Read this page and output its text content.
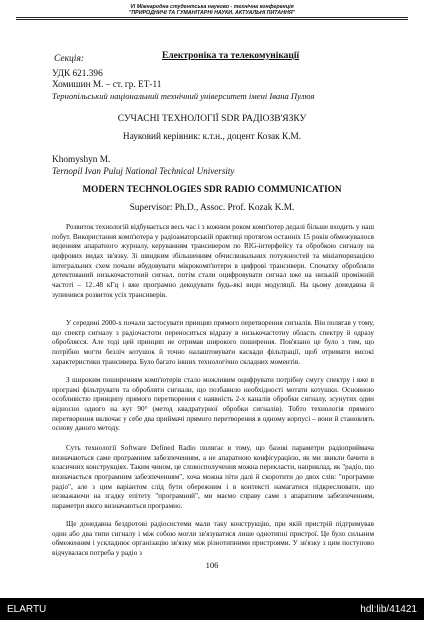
VI Міжнародна студентська науково - технічна конференція
"ПРИРОДНИЧІ ТА ГУМАНІТАРНІ НАУКИ. АКТУАЛЬНІ ПИТАННЯ"
Секція:	Електроніка та телекомунікації
УДК 621.396
Хомишин М. – ст. гр. ЕТ-11
Тернопільський національний технічний університет імені Івана Пулюя
СУЧАСНІ ТЕХНОЛОГІЇ SDR РАДІОЗВ'ЯЗКУ
Науковий керівник: к.т.н., доцент Козак К.М.
Khomyshyn M.
Ternopil Ivan Puluj National Technical University
MODERN TECHNOLOGIES SDR RADIO COMMUNICATION
Supervisor: Ph.D., Assoc. Prof. Kozak K.M.

Розвиток технологій відбувається весь час і з кожним роком комп'ютер дедалі більше входить у наш побут. Використання комп'ютера у радіоаматорській практиці протягом останніх 15 років обмежувалося веденням апаратного журналу, керуванням трансивером по RIG-інтерфейсу та обробкою сигналу на цифрових видах зв'язку. Зі швидким збільшенням обчислювальних потужностей та мініатюризацією інтегральних схем почали вбудовувати мікрокомп'ютери в цифрові трансивери. Спочатку обробляли детектований низькочастотний сигнал, потім стали оцифровувати сигнал вже на низькій проміжній частоті – 12..48 кГц і вже програмно декодувати будь-які види модуляції. На цьому донедавна й зупинився розвиток усіх трансиверів.

У середині 2000-х почали застосувати принцип прямого перетворення сигналів. Він полягав у тому, що спектр сигналу з радіочастоти переноситься відразу в низькочастотну область спектру й одразу обробляєся. Але тоді цей принцип не отримав широкого поширення. Пов'язано це було з тим, що потрібно могти безліч котушок й точно налаштовувати каскади фільтрації, щоб отримати високі характеристики трансивера. Було багато інших технологічно складних моментів.

З широким поширенням комп'ютерів стало можливим оцифрувати потрібну смугу спектру і вже в програмі фільтрувати та обробляти сигнали, що позбавило необхідності мотати котушки. Основною особливістю принципу прямого перетворення є наявність 2-х каналів обробки сигналу, зсунутих один відносно одного на кут 90° (метод квадратурної обробки сигналів). Тобто технологія прямого перетворення включає у себе два приймачі прямого перетворення в одному корпусі – вони й становлять основу даного методу.

Суть технології Software Defined Radio полягає в тому, що базові параметри радіоприймача визначаються саме програмним забезпеченням, а не апаратною конфігурацією, як ми звикли бачити в класичних конструкціях. Таким чином, це словосполучення можна перекласти, наприклад, як "радіо, що визначається програмним забезпеченням", хоча можна піти далі й скоротити до двох слів: "програмне радіо", але з цим варіантом слід бути обережним і в контексті намагатися підкреслювати, що незважаючи на згадку епітету "програмний", ми маємо справу саме з апаратним забезпеченням, параметри якого визначаються програмно.

Ще донедавна бездротові радіосистеми мали таку конструкцію, при якій пристрій підтримував один або два типи сигналу і між собою могли зв'язуватися лише однотипні пристрої. Це було сильним обмеженням і ускладнює організацію зв'язку між різнотипними пристроями. У зв'язку з цим поступово відчувалася потреба у радіо з

106
ELARTU	hdl:lib/41421
